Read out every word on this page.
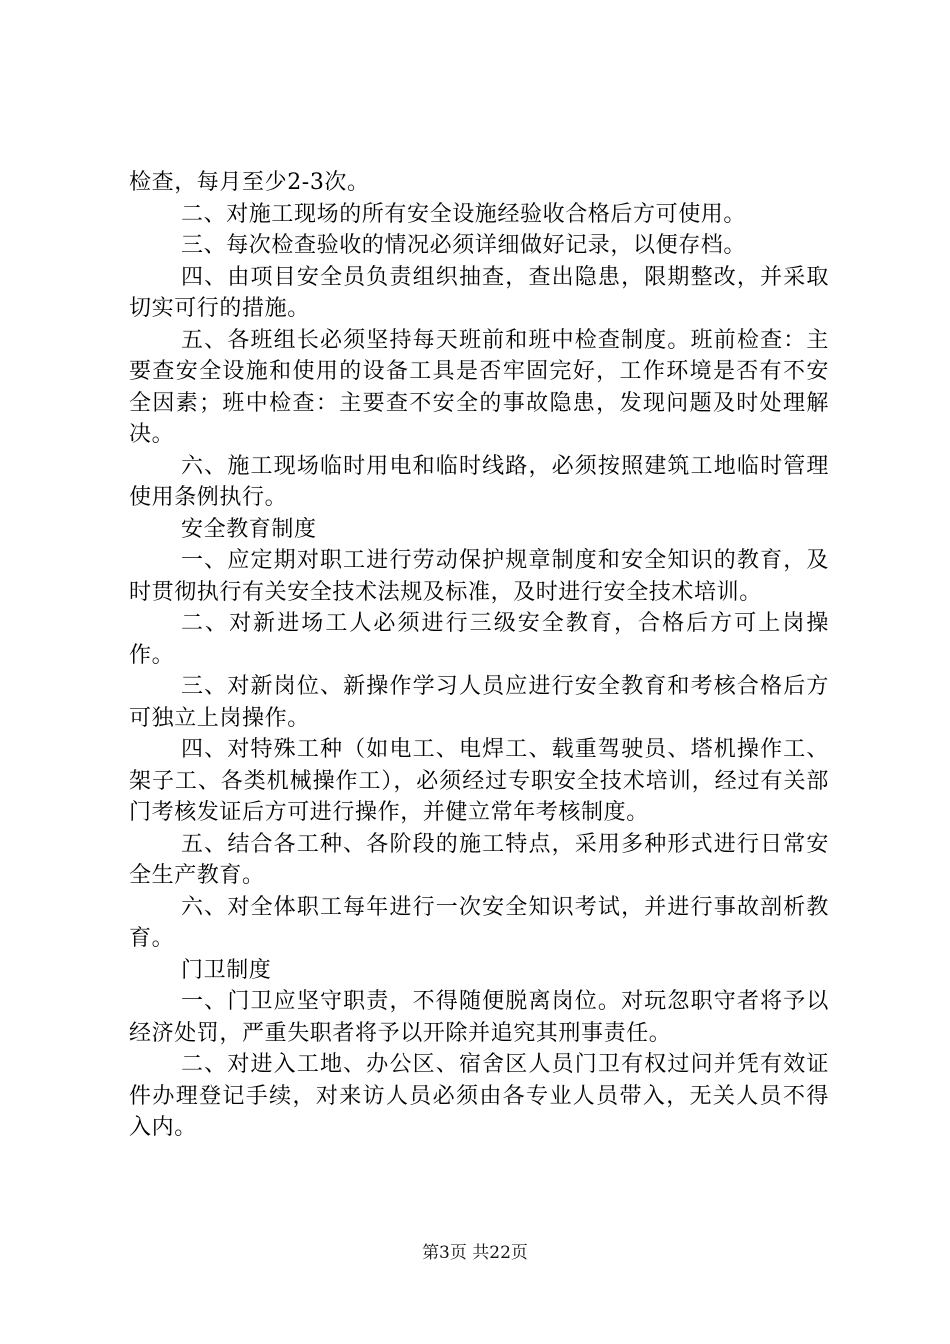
检查，每月至少2-3次。

二、对施工现场的所有安全设施经验收合格后方可使用。

三、每次检查验收的情况必须详细做好记录，以便存档。

四、由项目安全员负责组织抽查，查出隐患，限期整改，并采取切实可行的措施。

五、各班组长必须坚持每天班前和班中检查制度。班前检查：主要查安全设施和使用的设备工具是否牢固完好，工作环境是否有不安全因素；班中检查：主要查不安全的事故隐患，发现问题及时处理解决。

六、施工现场临时用电和临时线路，必须按照建筑工地临时管理使用条例执行。

安全教育制度

一、应定期对职工进行劳动保护规章制度和安全知识的教育，及时贯彻执行有关安全技术法规及标准，及时进行安全技术培训。

二、对新进场工人必须进行三级安全教育，合格后方可上岗操作。

三、对新岗位、新操作学习人员应进行安全教育和考核合格后方可独立上岗操作。

四、对特殊工种（如电工、电焊工、载重驾驶员、塔机操作工、架子工、各类机械操作工），必须经过专职安全技术培训，经过有关部门考核发证后方可进行操作，并健立常年考核制度。

五、结合各工种、各阶段的施工特点，采用多种形式进行日常安全生产教育。

六、对全体职工每年进行一次安全知识考试，并进行事故剖析教育。

门卫制度

一、门卫应坚守职责，不得随便脱离岗位。对玩忽职守者将予以经济处罚，严重失职者将予以开除并追究其刑事责任。

二、对进入工地、办公区、宿舍区人员门卫有权过问并凭有效证件办理登记手续，对来访人员必须由各专业人员带入，无关人员不得入内。

第3页 共22页
